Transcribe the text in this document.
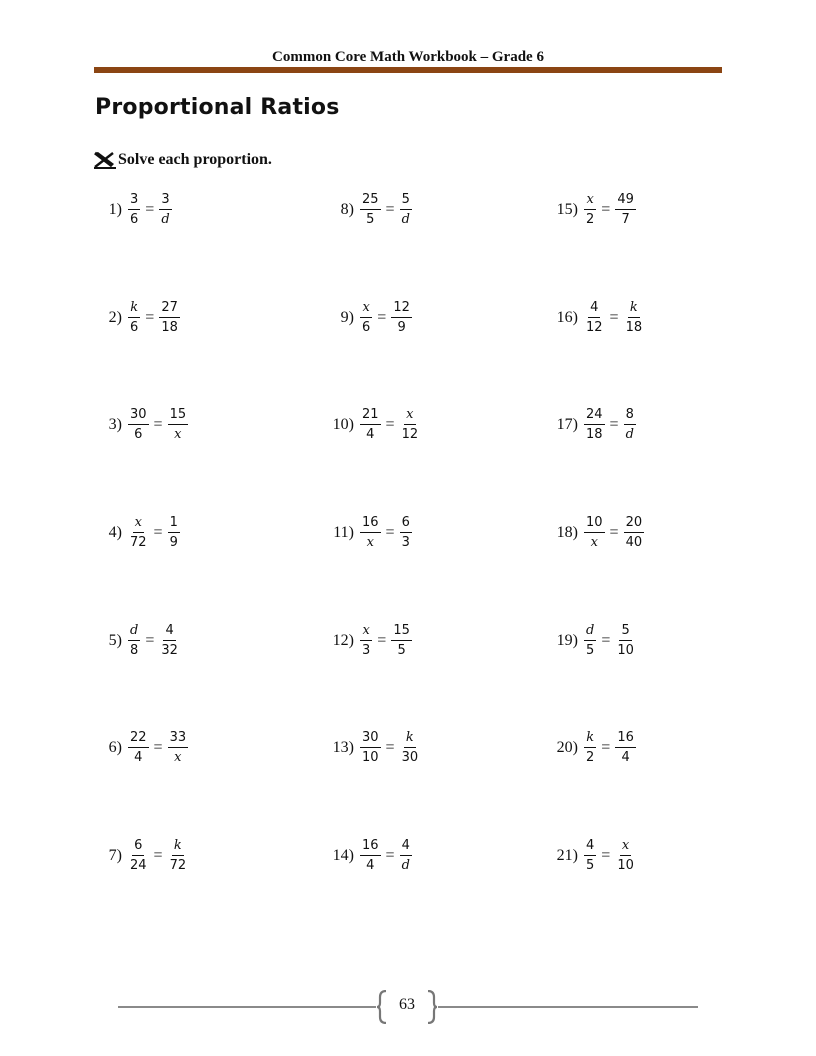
Common Core Math Workbook – Grade 6
Proportional Ratios
Solve each proportion.
$1) \frac{3}{6} = \frac{3}{d}$
$2) \frac{k}{6} = \frac{27}{18}$
$3) \frac{30}{6} = \frac{15}{x}$
$4) \frac{x}{72} = \frac{1}{9}$
$5) \frac{d}{8} = \frac{4}{32}$
$6) \frac{22}{4} = \frac{33}{x}$
$7) \frac{6}{24} = \frac{k}{72}$
$8) \frac{25}{5} = \frac{5}{d}$
$9) \frac{x}{6} = \frac{12}{9}$
$10) \frac{21}{4} = \frac{x}{12}$
$11) \frac{16}{x} = \frac{6}{3}$
$12) \frac{x}{3} = \frac{15}{5}$
$13) \frac{30}{10} = \frac{k}{30}$
$14) \frac{16}{4} = \frac{4}{d}$
$15) \frac{x}{2} = \frac{49}{7}$
$16) \frac{4}{12} = \frac{k}{18}$
$17) \frac{24}{18} = \frac{8}{d}$
$18) \frac{10}{x} = \frac{20}{40}$
$19) \frac{d}{5} = \frac{5}{10}$
$20) \frac{k}{2} = \frac{16}{4}$
$21) \frac{4}{5} = \frac{x}{10}$
63
